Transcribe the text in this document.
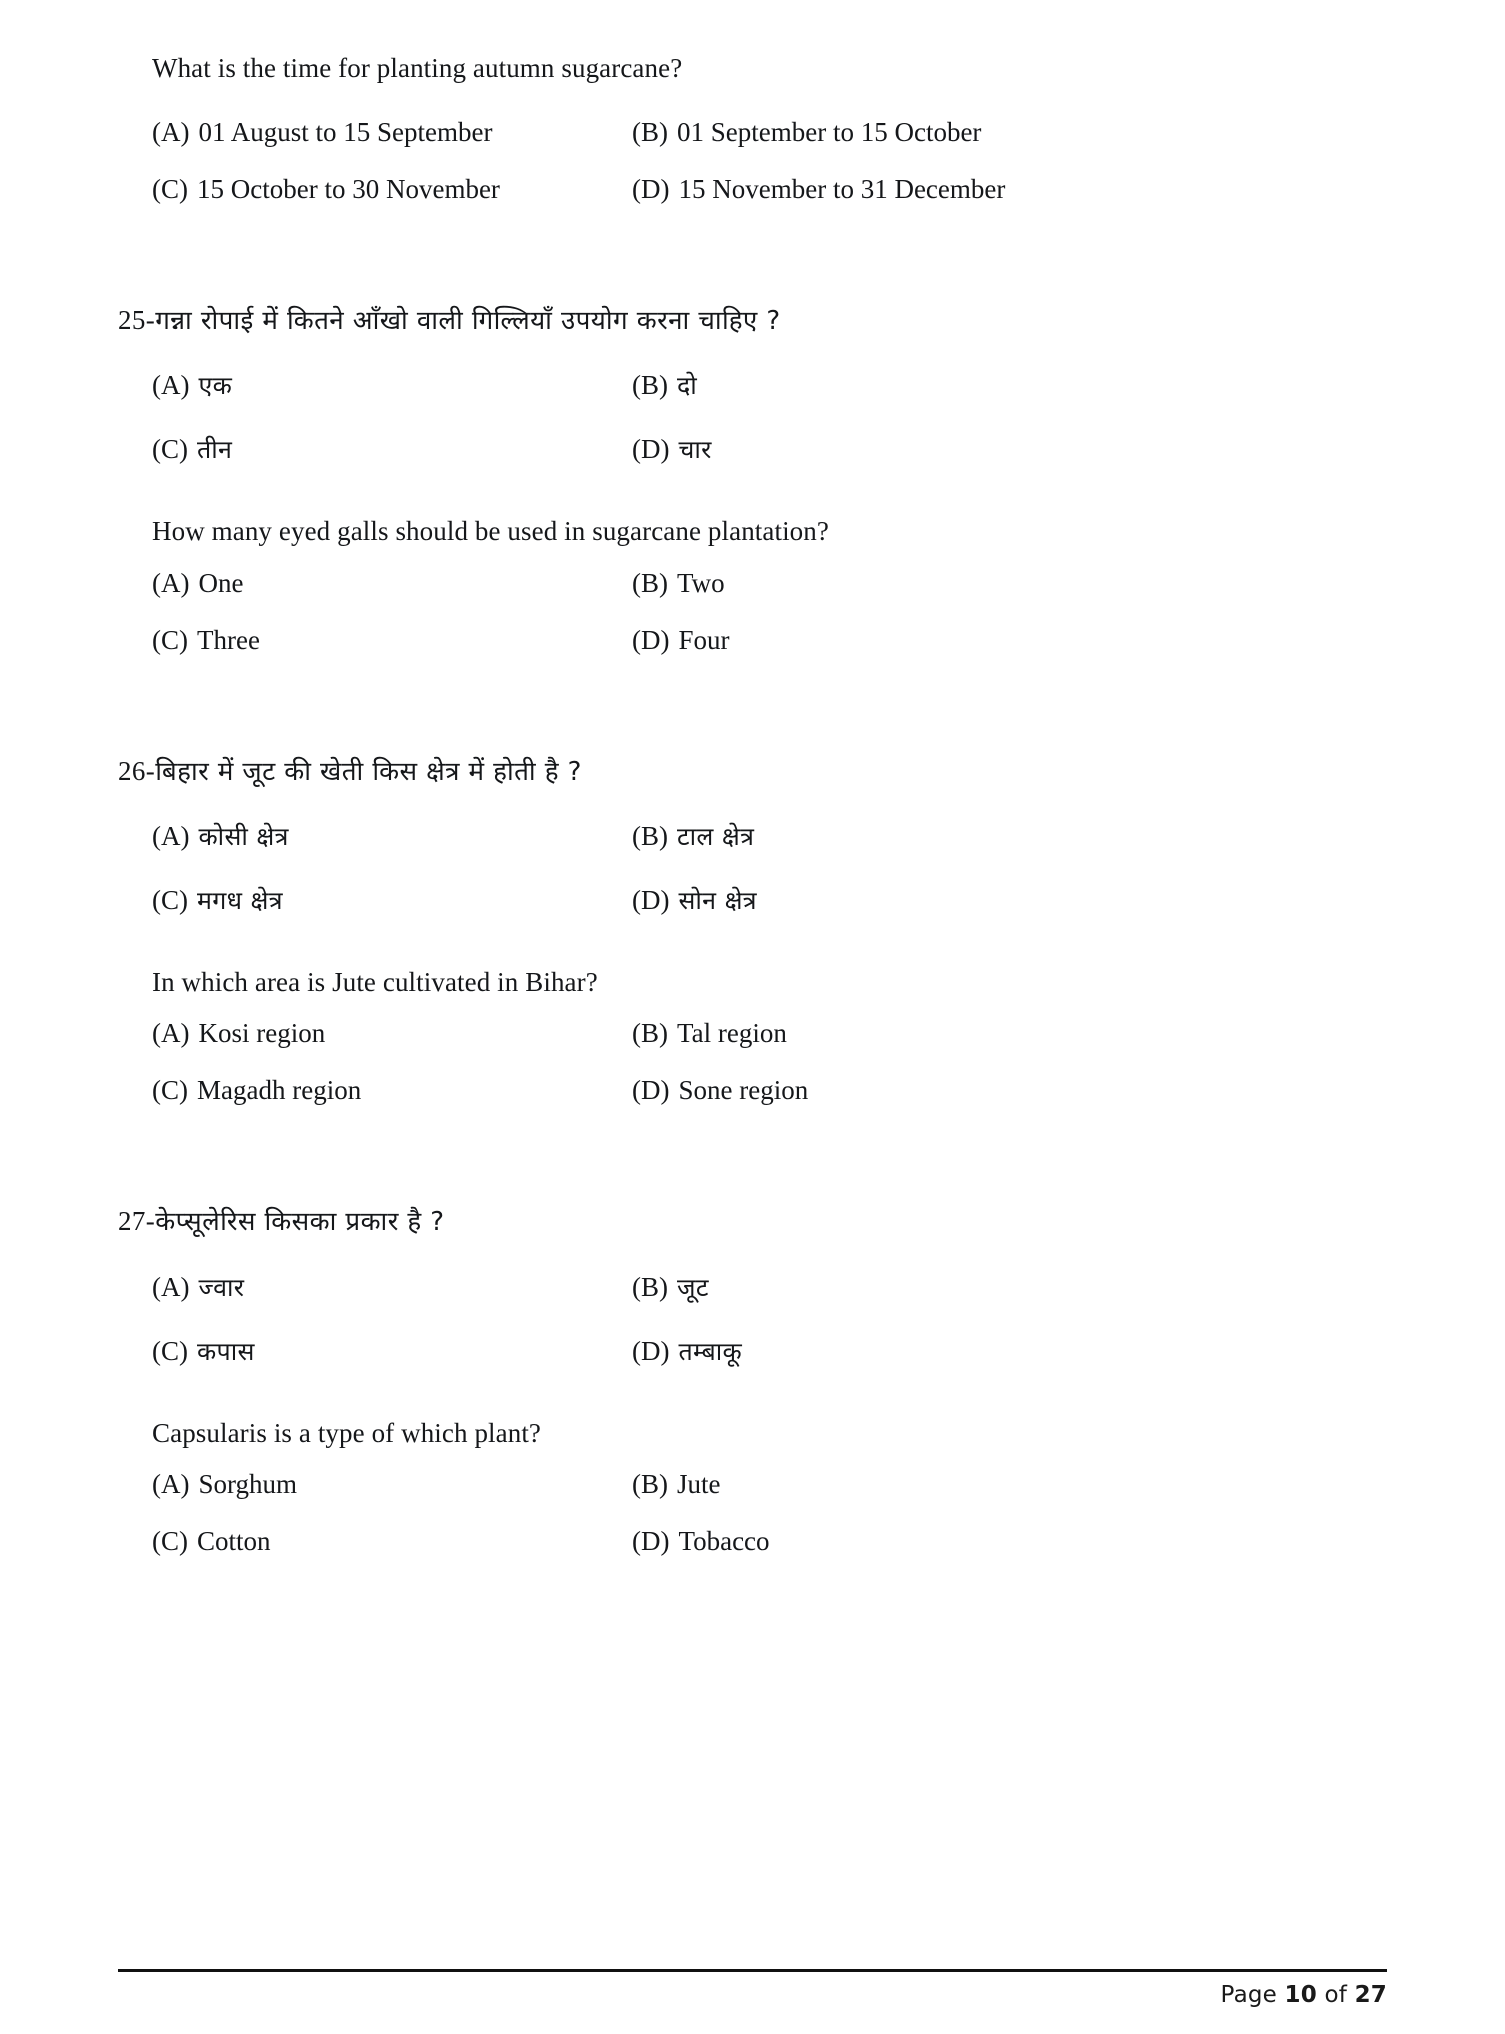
What is the time for planting autumn sugarcane?

(A) 01 August to 15 September	(B) 01 September to 15 October
(C) 15 October to 30 November	(D) 15 November to 31 December

25-गन्ना रोपाई में कितने आँखो वाली गिल्लियाँ उपयोग करना चाहिए ?

(A) एक	(B) दो
(C) तीन	(D) चार

How many eyed galls should be used in sugarcane plantation?

(A) One	(B) Two
(C) Three	(D) Four

26-बिहार में जूट की खेती किस क्षेत्र में होती है ?

(A) कोसी क्षेत्र	(B) टाल क्षेत्र
(C) मगध क्षेत्र	(D) सोन क्षेत्र

In which area is Jute cultivated in Bihar?

(A) Kosi region	(B) Tal region
(C) Magadh region	(D) Sone region

27-केप्सूलेरिस किसका प्रकार है ?

(A) ज्वार	(B) जूट
(C) कपास	(D) तम्बाकू

Capsularis is a type of which plant?

(A) Sorghum	(B) Jute
(C) Cotton	(D) Tobacco
Page 10 of 27
